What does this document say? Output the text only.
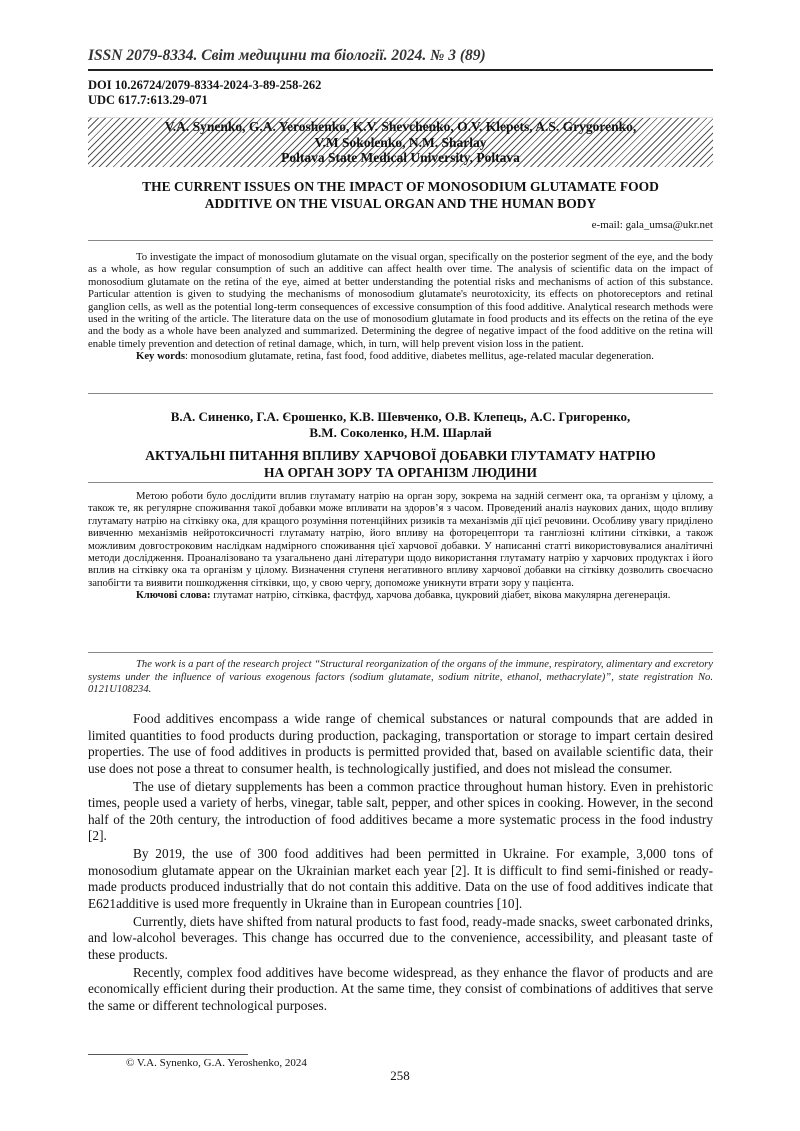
ISSN 2079-8334. Світ медицини та біології. 2024. № 3 (89)
DOI 10.26724/2079-8334-2024-3-89-258-262
UDC 617.7:613.29-071
V.A. Synenko, G.A. Yeroshenko, K.V. Shevchenko, O.V. Klepets, A.S. Grygorenko,
V.M Sokolenko, N.M. Sharlay
Poltava State Medical University, Poltava
THE CURRENT ISSUES ON THE IMPACT OF MONOSODIUM GLUTAMATE FOOD
ADDITIVE ON THE VISUAL ORGAN AND THE HUMAN BODY
e-mail: gala_umsa@ukr.net

To investigate the impact of monosodium glutamate on the visual organ, specifically on the posterior segment of the eye, and the body as a whole, as how regular consumption of such an additive can affect health over time. The analysis of scientific data on the impact of monosodium glutamate on the retina of the eye, aimed at better understanding the potential risks and mechanisms of action of this substance. Particular attention is given to studying the mechanisms of monosodium glutamate's neurotoxicity, its effects on photoreceptors and retinal ganglion cells, as well as the potential long-term consequences of excessive consumption of this food additive. Analytical research methods were used in the writing of the article. The literature data on the use of monosodium glutamate in food products and its effects on the retina of the eye and the body as a whole have been analyzed and summarized. Determining the degree of negative impact of the food additive on the retina will enable timely prevention and detection of retinal damage, which, in turn, will help prevent vision loss in the patient.

Key words: monosodium glutamate, retina, fast food, food additive, diabetes mellitus, age-related macular degeneration.

В.А. Синенко, Г.А. Єрошенко, К.В. Шевченко, О.В. Клепець, А.С. Григоренко,
В.М. Соколенко, Н.М. Шарлай
АКТУАЛЬНІ ПИТАННЯ ВПЛИВУ ХАРЧОВОЇ ДОБАВКИ ГЛУТАМАТУ НАТРІЮ
НА ОРГАН ЗОРУ ТА ОРГАНІЗМ ЛЮДИНИ

Метою роботи було дослідити вплив глутамату натрію на орган зору, зокрема на задній сегмент ока, та організм у цілому, а також те, як регулярне споживання такої добавки може впливати на здоров’я з часом. Проведений аналіз наукових даних, щодо впливу глутамату натрію на сітківку ока, для кращого розуміння потенційних ризиків та механізмів дії цієї речовини. Особливу увагу приділено вивченню механізмів нейротоксичності глутамату натрію, його впливу на фоторецептори та гангліозні клітини сітківки, а також можливим довгостроковим наслідкам надмірного споживання цієї харчової добавки. У написанні статті використовувалися аналітичні методи дослідження. Проаналізовано та узагальнено дані літератури щодо використання глутамату натрію у харчових продуктах і його вплив на сітківку ока та організм у цілому. Визначення ступеня негативного впливу харчової добавки на сітківку дозволить своєчасно запобігти та виявити пошкодження сітківки, що, у свою чергу, допоможе уникнути втрати зору у пацієнта.

Ключові слова: глутамат натрію, сітківка, фастфуд, харчова добавка, цукровий діабет, вікова макулярна дегенерація.

The work is a part of the research project “Structural reorganization of the organs of the immune, respiratory, alimentary and excretory systems under the influence of various exogenous factors (sodium glutamate, sodium nitrite, ethanol, methacrylate)”, state registration No. 0121U108234.

Food additives encompass a wide range of chemical substances or natural compounds that are added in limited quantities to food products during production, packaging, transportation or storage to impart certain desired properties. The use of food additives in products is permitted provided that, based on available scientific data, their use does not pose a threat to consumer health, is technologically justified, and does not mislead the consumer.

The use of dietary supplements has been a common practice throughout human history. Even in prehistoric times, people used a variety of herbs, vinegar, table salt, pepper, and other spices in cooking. However, in the second half of the 20th century, the introduction of food additives became a more systematic process in the food industry [2].

By 2019, the use of 300 food additives had been permitted in Ukraine. For example, 3,000 tons of monosodium glutamate appear on the Ukrainian market each year [2]. It is difficult to find semi-finished or ready-made products produced industrially that do not contain this additive. Data on the use of food additives indicate that E621additive is used more frequently in Ukraine than in European countries [10].

Currently, diets have shifted from natural products to fast food, ready-made snacks, sweet carbonated drinks, and low-alcohol beverages. This change has occurred due to the convenience, accessibility, and pleasant taste of these products.

Recently, complex food additives have become widespread, as they enhance the flavor of products and are economically efficient during their production. At the same time, they consist of combinations of additives that serve the same or different technological purposes.

© V.A. Synenko, G.A. Yeroshenko, 2024
258
